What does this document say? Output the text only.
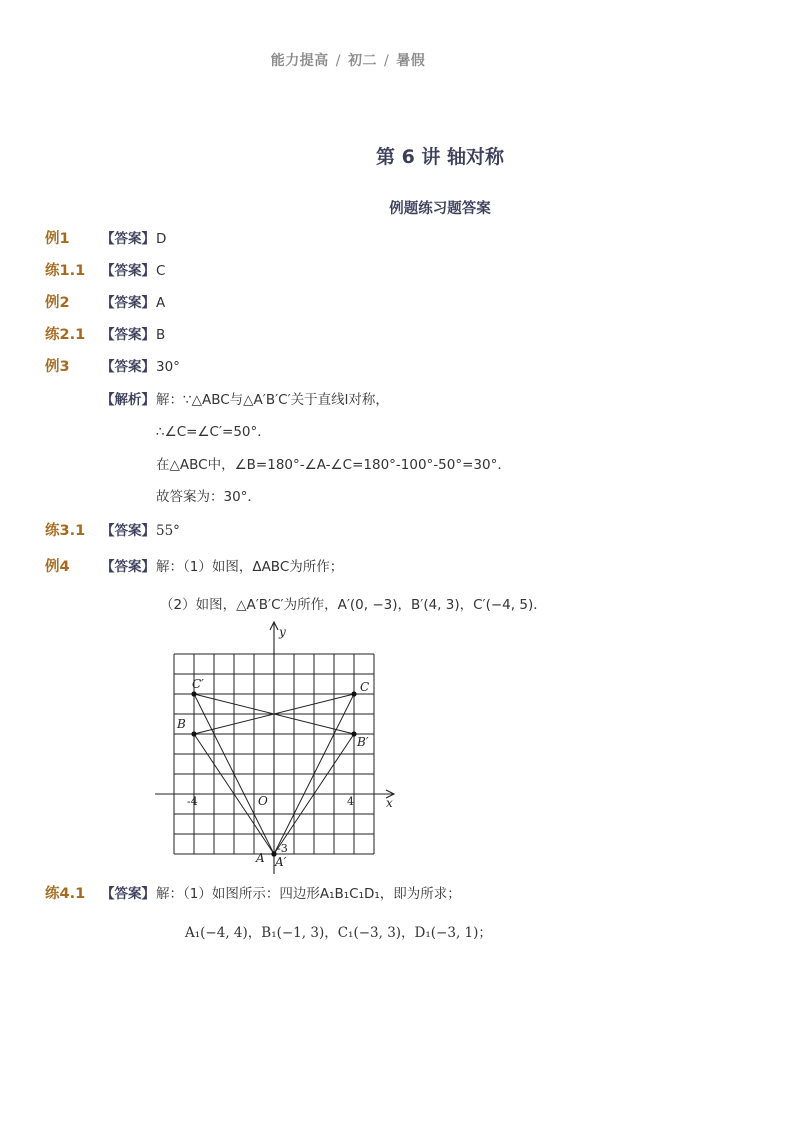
能力提高 / 初二 / 暑假
第 6 讲 轴对称
例题练习题答案
例1	【答案】 D
练1.1	【答案】 C
例2	【答案】 A
练2.1	【答案】 B
例3	【答案】 30°
【解析】 解：∵△ABC与△A′B′C′关于直线l对称，
∴∠C=∠C′=50°．
在△ABC中，∠B=180°-∠A-∠C=180°-100°-50°=30°．
故答案为：30°．
练3.1	【答案】 55°
例4	【答案】 解：（1）如图，ΔABC为所作；
（2）如图，△A′B′C′为所作，A′(0, −3)，B′(4, 3)，C′(−4, 5)．
x
y
O
C′	C
B
B′
A A′
-4	4
-3
练4.1	【答案】 解：（1）如图所示：四边形A₁B₁C₁D₁，即为所求；
A₁(−4, 4)，B₁(−1, 3)，C₁(−3, 3)，D₁(−3, 1)；
